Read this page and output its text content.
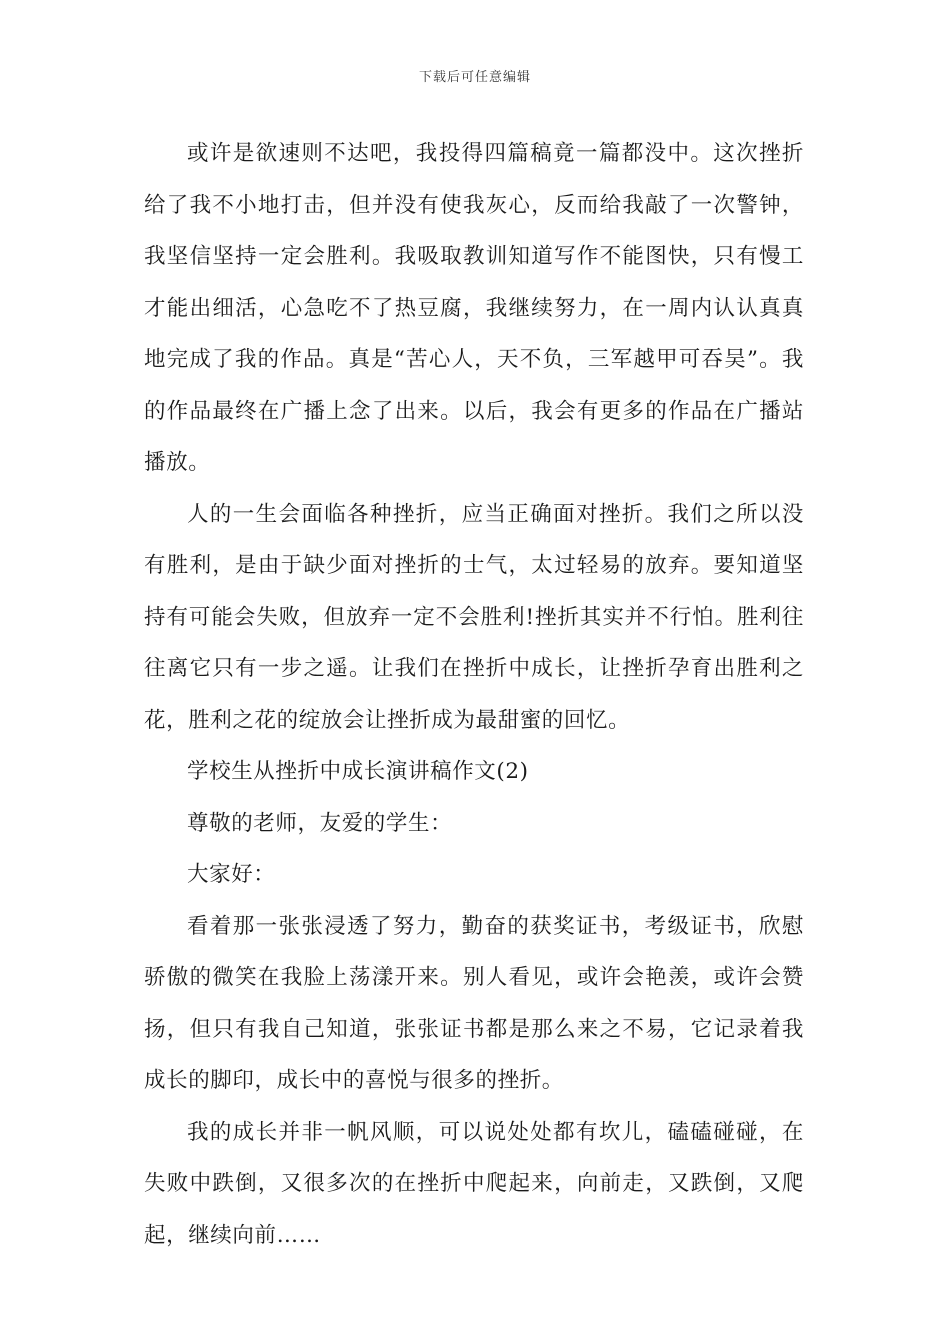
下载后可任意编辑

或许是欲速则不达吧，我投得四篇稿竟一篇都没中。这次挫折给了我不小地打击，但并没有使我灰心，反而给我敲了一次警钟，我坚信坚持一定会胜利。我吸取教训知道写作不能图快，只有慢工才能出细活，心急吃不了热豆腐，我继续努力，在一周内认认真真地完成了我的作品。真是“苦心人，天不负，三军越甲可吞吴”。我的作品最终在广播上念了出来。以后，我会有更多的作品在广播站播放。

人的一生会面临各种挫折，应当正确面对挫折。我们之所以没有胜利，是由于缺少面对挫折的士气，太过轻易的放弃。要知道坚持有可能会失败，但放弃一定不会胜利!挫折其实并不行怕。胜利往往离它只有一步之遥。让我们在挫折中成长，让挫折孕育出胜利之花，胜利之花的绽放会让挫折成为最甜蜜的回忆。

学校生从挫折中成长演讲稿作文(2)

尊敬的老师，友爱的学生：

大家好：

看着那一张张浸透了努力，勤奋的获奖证书，考级证书，欣慰骄傲的微笑在我脸上荡漾开来。别人看见，或许会艳羡，或许会赞扬，但只有我自己知道，张张证书都是那么来之不易，它记录着我成长的脚印，成长中的喜悦与很多的挫折。

我的成长并非一帆风顺，可以说处处都有坎儿，磕磕碰碰，在失败中跌倒，又很多次的在挫折中爬起来，向前走，又跌倒，又爬起，继续向前……
